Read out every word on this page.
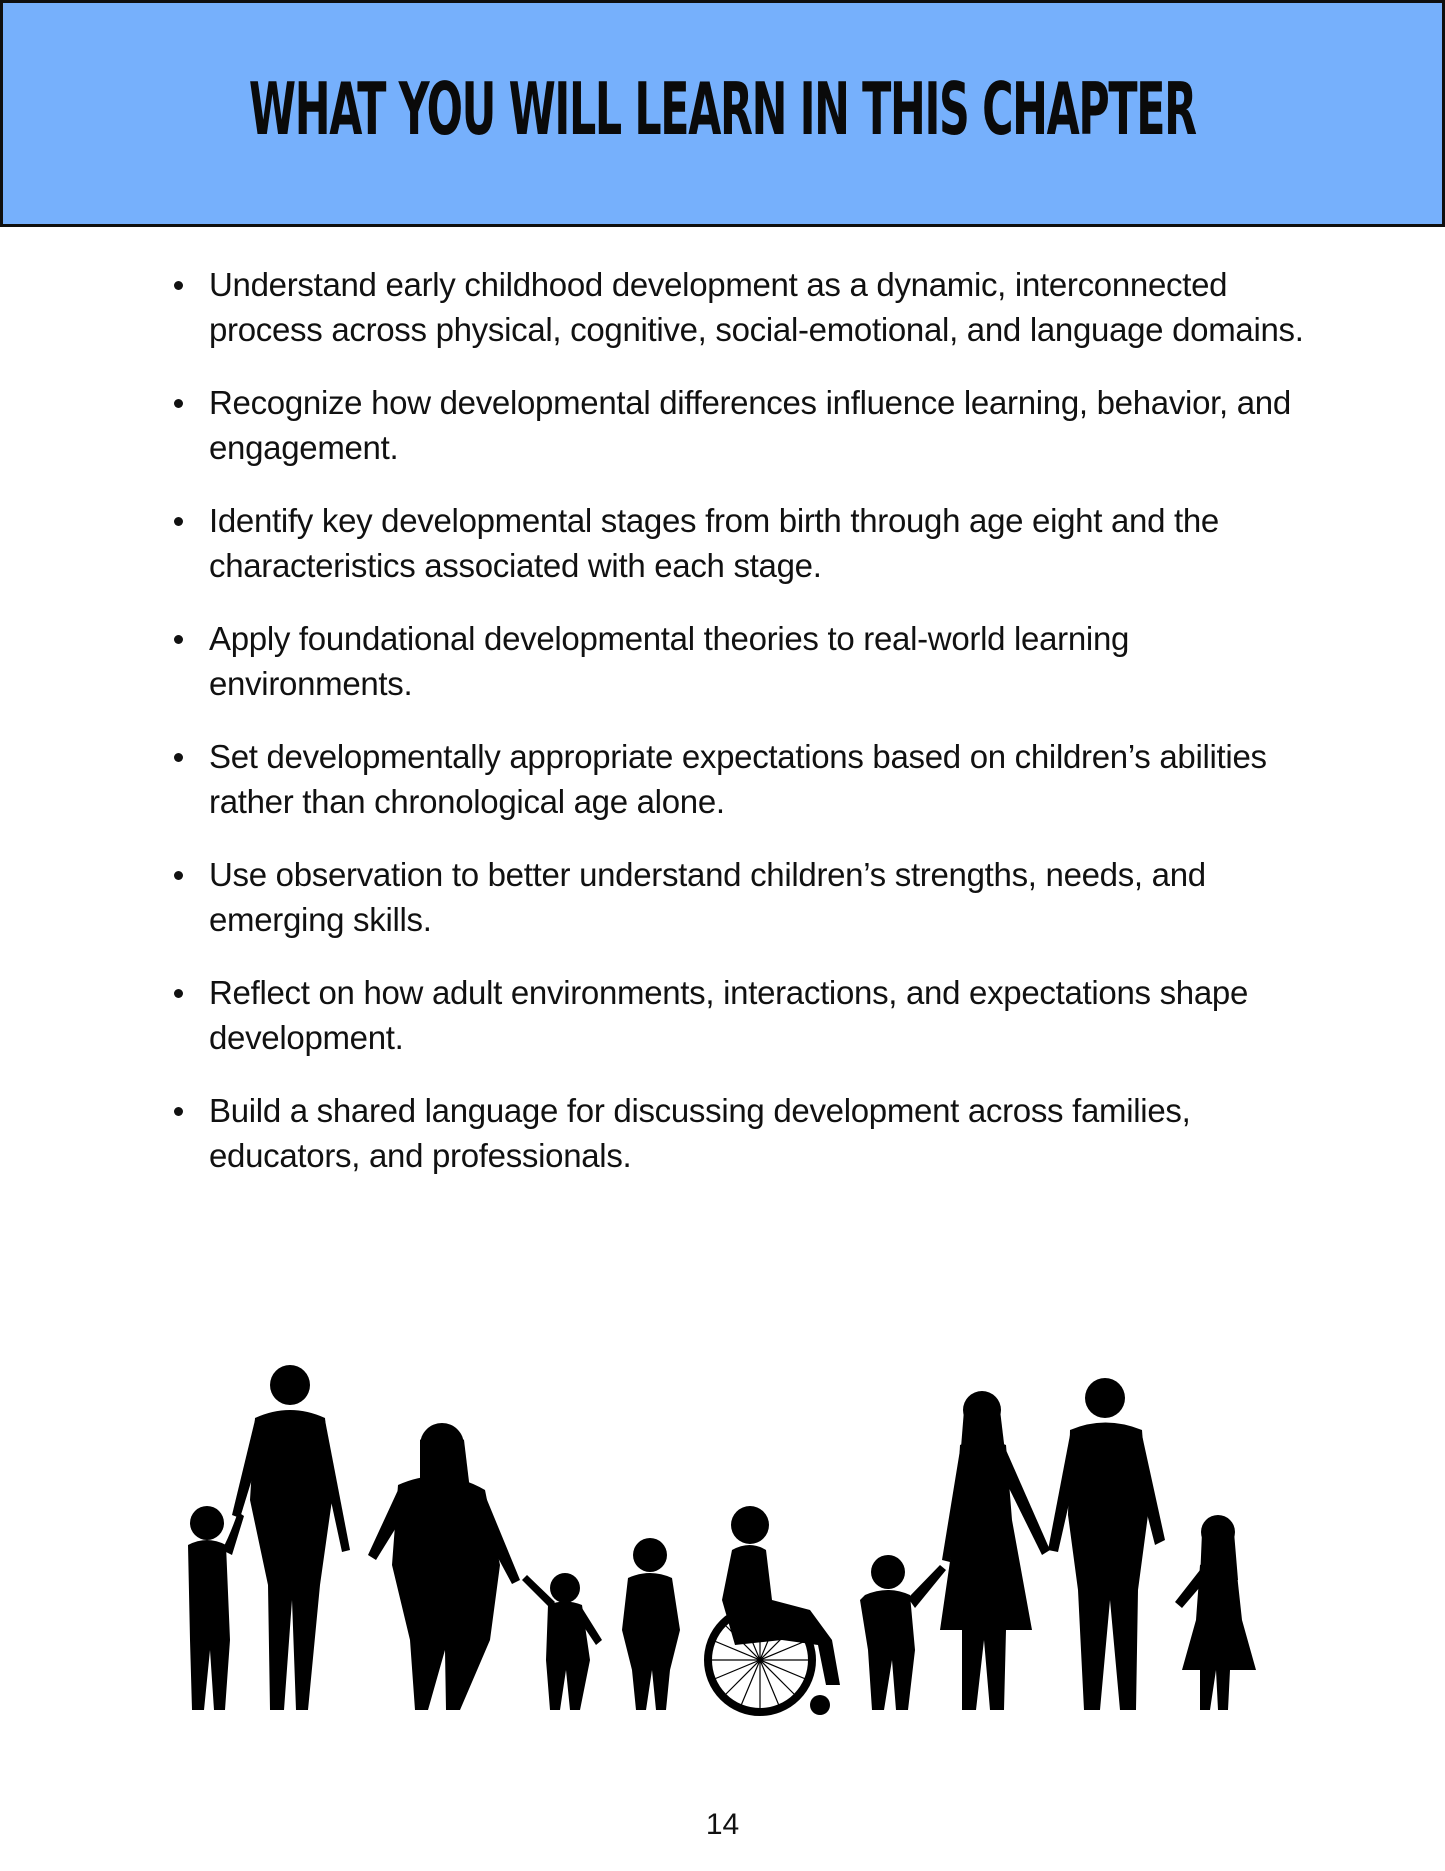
WHAT YOU WILL LEARN IN THIS CHAPTER
Understand early childhood development as a dynamic, interconnected process across physical, cognitive, social-emotional, and language domains.
Recognize how developmental differences influence learning, behavior, and engagement.
Identify key developmental stages from birth through age eight and the characteristics associated with each stage.
Apply foundational developmental theories to real-world learning environments.
Set developmentally appropriate expectations based on children’s abilities rather than chronological age alone.
Use observation to better understand children’s strengths, needs, and emerging skills.
Reflect on how adult environments, interactions, and expectations shape development.
Build a shared language for discussing development across families, educators, and professionals.
14
